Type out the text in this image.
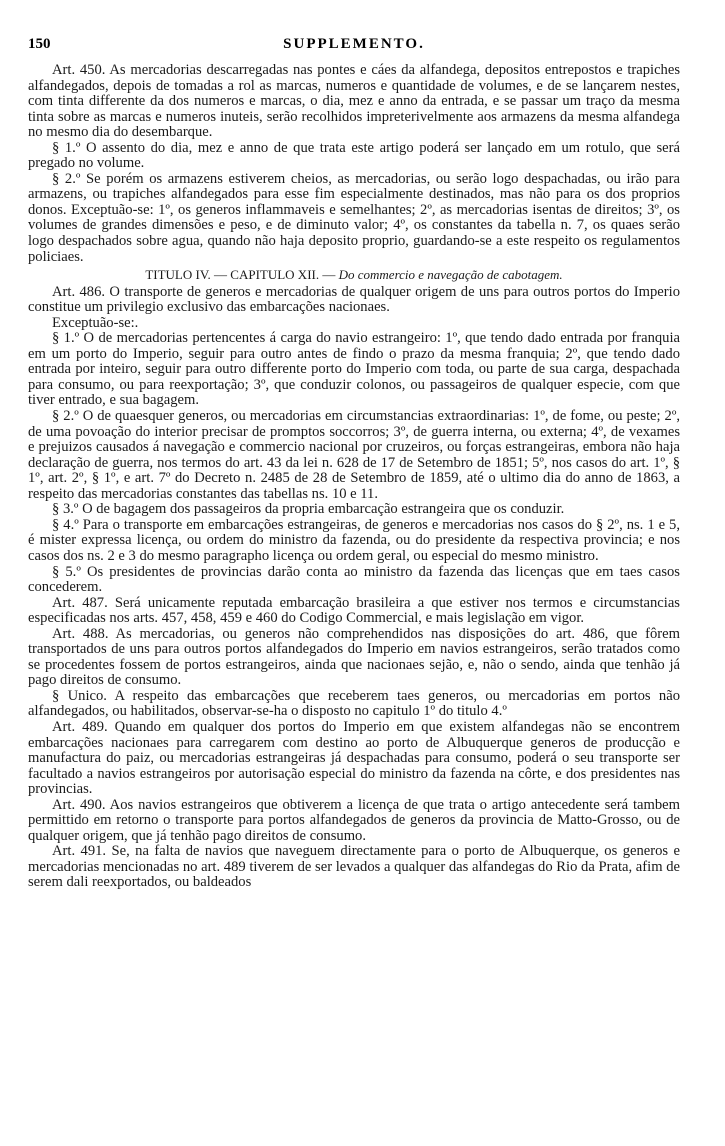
150	SUPPLEMENTO.

Art. 450. As mercadorias descarregadas nas pontes e cáes da alfandega, depositos entrepostos e trapiches alfandegados, depois de tomadas a rol as marcas, numeros e quantidade de volumes, e de se lançarem nestes, com tinta differente da dos numeros e marcas, o dia, mez e anno da entrada, e se passar um traço da mesma tinta sobre as marcas e numeros inuteis, serão recolhidos impreterivelmente aos armazens da mesma alfandega no mesmo dia do desembarque.

§ 1.º O assento do dia, mez e anno de que trata este artigo poderá ser lançado em um rotulo, que será pregado no volume.

§ 2.º Se porém os armazens estiverem cheios, as mercadorias, ou serão logo despachadas, ou irão para armazens, ou trapiches alfandegados para esse fim especialmente destinados, mas não para os dos proprios donos. Exceptuão-se: 1º, os generos inflammaveis e semelhantes; 2º, as mercadorias isentas de direitos; 3º, os volumes de grandes dimensões e peso, e de diminuto valor; 4º, os constantes da tabella n. 7, os quaes serão logo despachados sobre agua, quando não haja deposito proprio, guardando-se a este respeito os regulamentos policiaes.

TITULO IV. — CAPITULO XII. — Do commercio e navegação de cabotagem.

Art. 486. O transporte de generos e mercadorias de qualquer origem de uns para outros portos do Imperio constitue um privilegio exclusivo das embarcações nacionaes.

Exceptuão-se:.

§ 1.º O de mercadorias pertencentes á carga do navio estrangeiro: 1º, que tendo dado entrada por franquia em um porto do Imperio, seguir para outro antes de findo o prazo da mesma franquia; 2º, que tendo dado entrada por inteiro, seguir para outro differente porto do Imperio com toda, ou parte de sua carga, despachada para consumo, ou para reexportação; 3º, que conduzir colonos, ou passageiros de qualquer especie, com que tiver entrado, e sua bagagem.

§ 2.º O de quaesquer generos, ou mercadorias em circumstancias extraordinarias: 1º, de fome, ou peste; 2º, de uma povoação do interior precisar de promptos soccorros; 3º, de guerra interna, ou externa; 4º, de vexames e prejuizos causados á navegação e commercio nacional por cruzeiros, ou forças estrangeiras, embora não haja declaração de guerra, nos termos do art. 43 da lei n. 628 de 17 de Setembro de 1851; 5º, nos casos do art. 1º, § 1º, art. 2º, § 1º, e art. 7º do Decreto n. 2485 de 28 de Setembro de 1859, até o ultimo dia do anno de 1863, a respeito das mercadorias constantes das tabellas ns. 10 e 11.

§ 3.º O de bagagem dos passageiros da propria embarcação estrangeira que os conduzir.

§ 4.º Para o transporte em embarcações estrangeiras, de generos e mercadorias nos casos do § 2º, ns. 1 e 5, é mister expressa licença, ou ordem do ministro da fazenda, ou do presidente da respectiva provincia; e nos casos dos ns. 2 e 3 do mesmo paragrapho licença ou ordem geral, ou especial do mesmo ministro.

§ 5.º Os presidentes de provincias darão conta ao ministro da fazenda das licenças que em taes casos concederem.

Art. 487. Será unicamente reputada embarcação brasileira a que estiver nos termos e circumstancias especificadas nos arts. 457, 458, 459 e 460 do Codigo Commercial, e mais legislação em vigor.

Art. 488. As mercadorias, ou generos não comprehendidos nas disposições do art. 486, que fôrem transportados de uns para outros portos alfandegados do Imperio em navios estrangeiros, serão tratados como se procedentes fossem de portos estrangeiros, ainda que nacionaes sejão, e, não o sendo, ainda que tenhão já pago direitos de consumo.

§ Unico. A respeito das embarcações que receberem taes generos, ou mercadorias em portos não alfandegados, ou habilitados, observar-se-ha o disposto no capitulo 1º do titulo 4.º

Art. 489. Quando em qualquer dos portos do Imperio em que existem alfandegas não se encontrem embarcações nacionaes para carregarem com destino ao porto de Albuquerque generos de producção e manufactura do paiz, ou mercadorias estrangeiras já despachadas para consumo, poderá o seu transporte ser facultado a navios estrangeiros por autorisação especial do ministro da fazenda na côrte, e dos presidentes nas provincias.

Art. 490. Aos navios estrangeiros que obtiverem a licença de que trata o artigo antecedente será tambem permittido em retorno o transporte para portos alfandegados de generos da provincia de Matto-Grosso, ou de qualquer origem, que já tenhão pago direitos de consumo.

Art. 491. Se, na falta de navios que naveguem directamente para o porto de Albuquerque, os generos e mercadorias mencionadas no art. 489 tiverem de ser levados a qualquer das alfandegas do Rio da Prata, afim de serem dali reexportados, ou baldeados
